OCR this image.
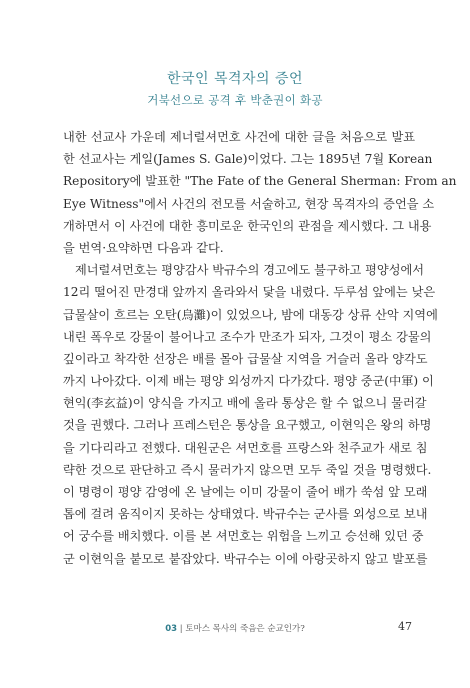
한국인 목격자의 증언
거북선으로 공격 후 박춘권이 화공
내한 선교사 가운데 제너럴셔먼호 사건에 대한 글을 처음으로 발표
한 선교사는 게일(James S. Gale)이었다. 그는 1895년 7월 Korean
Repository에 발표한 "The Fate of the General Sherman: From an
Eye Witness"에서 사건의 전모를 서술하고, 현장 목격자의 증언을 소
개하면서 이 사건에 대한 흥미로운 한국인의 관점을 제시했다. 그 내용
을 번역·요약하면 다음과 같다.
제너럴셔먼호는 평양감사 박규수의 경고에도 불구하고 평양성에서
12리 떨어진 만경대 앞까지 올라와서 닻을 내렸다. 두루섬 앞에는 낮은
급물살이 흐르는 오탄(烏灘)이 있었으나, 밤에 대동강 상류 산악 지역에
내린 폭우로 강물이 불어나고 조수가 만조가 되자, 그것이 평소 강물의
깊이라고 착각한 선장은 배를 몰아 급물살 지역을 거슬러 올라 양각도
까지 나아갔다. 이제 배는 평양 외성까지 다가갔다. 평양 중군(中軍) 이
현익(李玄益)이 양식을 가지고 배에 올라 통상은 할 수 없으니 물러갈
것을 권했다. 그러나 프레스턴은 통상을 요구했고, 이현익은 왕의 하명
을 기다리라고 전했다. 대원군은 셔먼호를 프랑스와 천주교가 새로 침
략한 것으로 판단하고 즉시 물러가지 않으면 모두 죽일 것을 명령했다.
이 명령이 평양 감영에 온 날에는 이미 강물이 줄어 배가 쑥섬 앞 모래
톱에 걸려 움직이지 못하는 상태였다. 박규수는 군사를 외성으로 보내
어 궁수를 배치했다. 이를 본 셔먼호는 위험을 느끼고 승선해 있던 중
군 이현익을 붙모로 붙잡았다. 박규수는 이에 아랑곳하지 않고 발포를
03 | 토마스 목사의 죽음은 순교인가?	47
